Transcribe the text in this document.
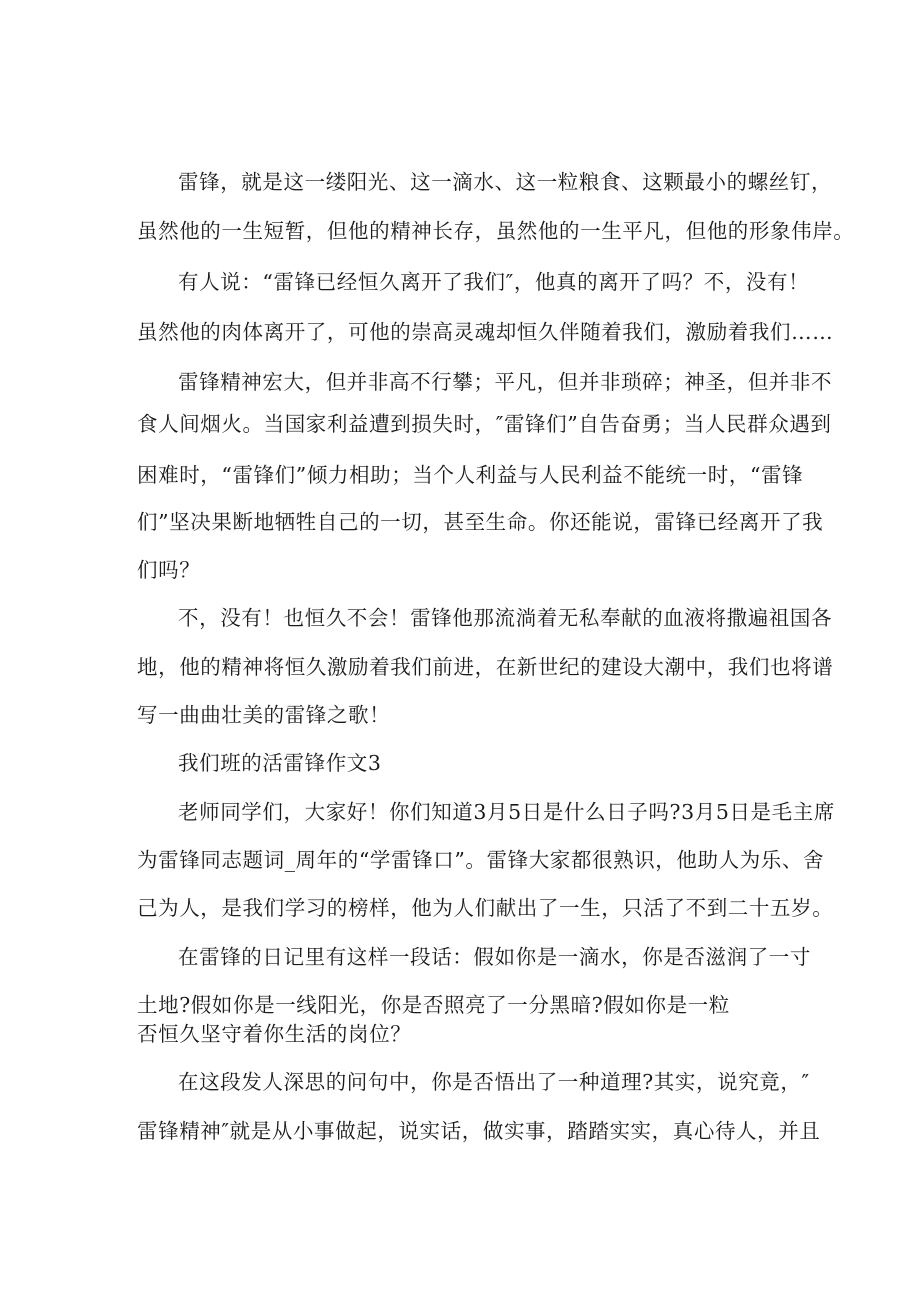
雷锋，就是这一缕阳光、这一滴水、这一粒粮食、这颗最小的螺丝钉，
虽然他的一生短暂，但他的精神长存，虽然他的一生平凡，但他的形象伟岸。
有人说：“雷锋已经恒久离开了我们″，他真的离开了吗？不，没有！
虽然他的肉体离开了，可他的崇高灵魂却恒久伴随着我们，激励着我们……
雷锋精神宏大，但并非高不行攀；平凡，但并非琐碎；神圣，但并非不
食人间烟火。当国家利益遭到损失时，″雷锋们”自告奋勇；当人民群众遇到
困难时，“雷锋们”倾力相助；当个人利益与人民利益不能统一时，“雷锋
们”坚决果断地牺牲自己的一切，甚至生命。你还能说，雷锋已经离开了我
们吗？
不，没有！也恒久不会！雷锋他那流淌着无私奉献的血液将撒遍祖国各
地，他的精神将恒久激励着我们前进，在新世纪的建设大潮中，我们也将谱
写一曲曲壮美的雷锋之歌！
我们班的活雷锋作文3
老师同学们，大家好！你们知道3月5日是什么日子吗?3月5日是毛主席
为雷锋同志题词_周年的“学雷锋口”。雷锋大家都很熟识，他助人为乐、舍
己为人，是我们学习的榜样，他为人们献出了一生，只活了不到二十五岁。
在雷锋的日记里有这样一段话：假如你是一滴水，你是否滋润了一寸
土地?假如你是一线阳光，你是否照亮了一分黑暗?假如你是一粒
否恒久坚守着你生活的岗位？
在这段发人深思的问句中，你是否悟出了一种道理?其实，说究竟，″
雷锋精神″就是从小事做起，说实话，做实事，踏踏实实，真心待人，并且
